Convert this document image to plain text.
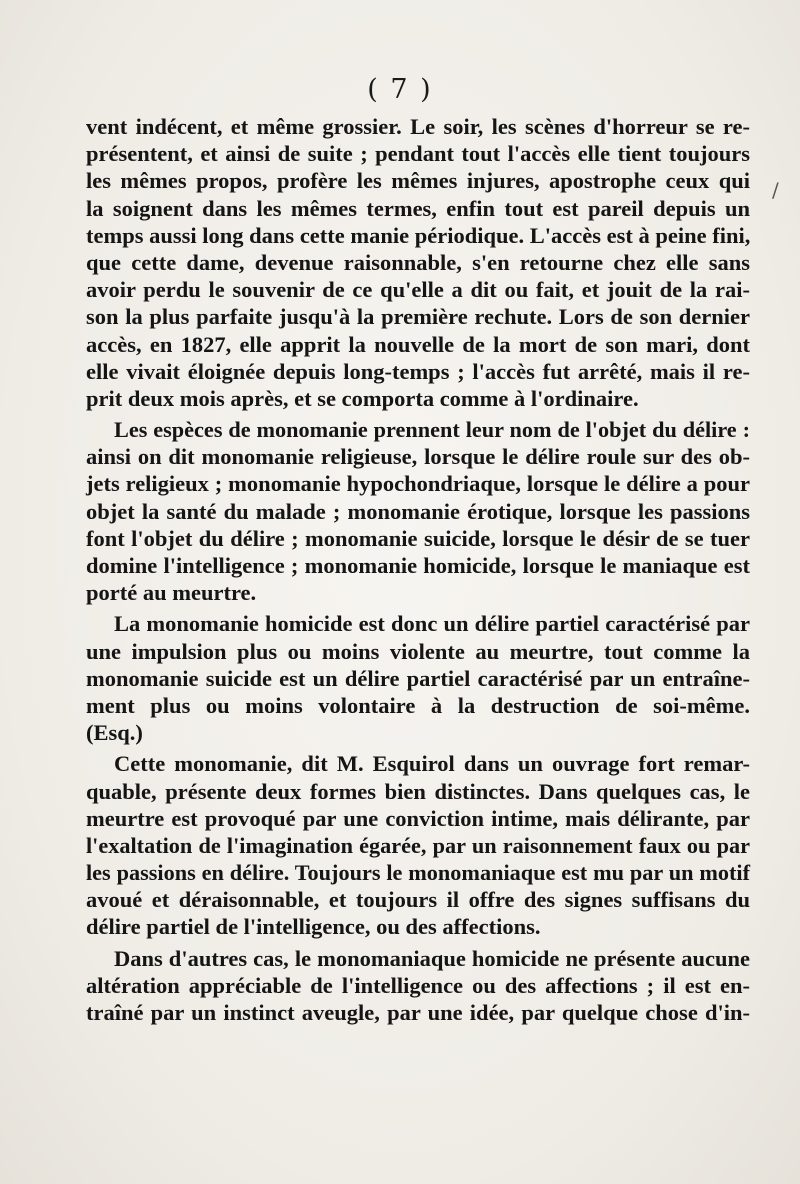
( 7 )
/
vent indécent, et même grossier. Le soir, les scènes d'horreur se re-
présentent, et ainsi de suite ; pendant tout l'accès elle tient toujours
les mêmes propos, profère les mêmes injures, apostrophe ceux qui
la soignent dans les mêmes termes, enfin tout est pareil depuis un
temps aussi long dans cette manie périodique. L'accès est à peine fini,
que cette dame, devenue raisonnable, s'en retourne chez elle sans
avoir perdu le souvenir de ce qu'elle a dit ou fait, et jouit de la rai-
son la plus parfaite jusqu'à la première rechute. Lors de son dernier
accès, en 1827, elle apprit la nouvelle de la mort de son mari, dont
elle vivait éloignée depuis long-temps ; l'accès fut arrêté, mais il re-
prit deux mois après, et se comporta comme à l'ordinaire.
Les espèces de monomanie prennent leur nom de l'objet du délire :
ainsi on dit monomanie religieuse, lorsque le délire roule sur des ob-
jets religieux ; monomanie hypochondriaque, lorsque le délire a pour
objet la santé du malade ; monomanie érotique, lorsque les passions
font l'objet du délire ; monomanie suicide, lorsque le désir de se tuer
domine l'intelligence ; monomanie homicide, lorsque le maniaque est
porté au meurtre.
La monomanie homicide est donc un délire partiel caractérisé par
une impulsion plus ou moins violente au meurtre, tout comme la
monomanie suicide est un délire partiel caractérisé par un entraîne-
ment plus ou moins volontaire à la destruction de soi-même.
(Esq.)
Cette monomanie, dit M. Esquirol dans un ouvrage fort remar-
quable, présente deux formes bien distinctes. Dans quelques cas, le
meurtre est provoqué par une conviction intime, mais délirante, par
l'exaltation de l'imagination égarée, par un raisonnement faux ou par
les passions en délire. Toujours le monomaniaque est mu par un motif
avoué et déraisonnable, et toujours il offre des signes suffisans du
délire partiel de l'intelligence, ou des affections.
Dans d'autres cas, le monomaniaque homicide ne présente aucune
altération appréciable de l'intelligence ou des affections ; il est en-
traîné par un instinct aveugle, par une idée, par quelque chose d'in-
